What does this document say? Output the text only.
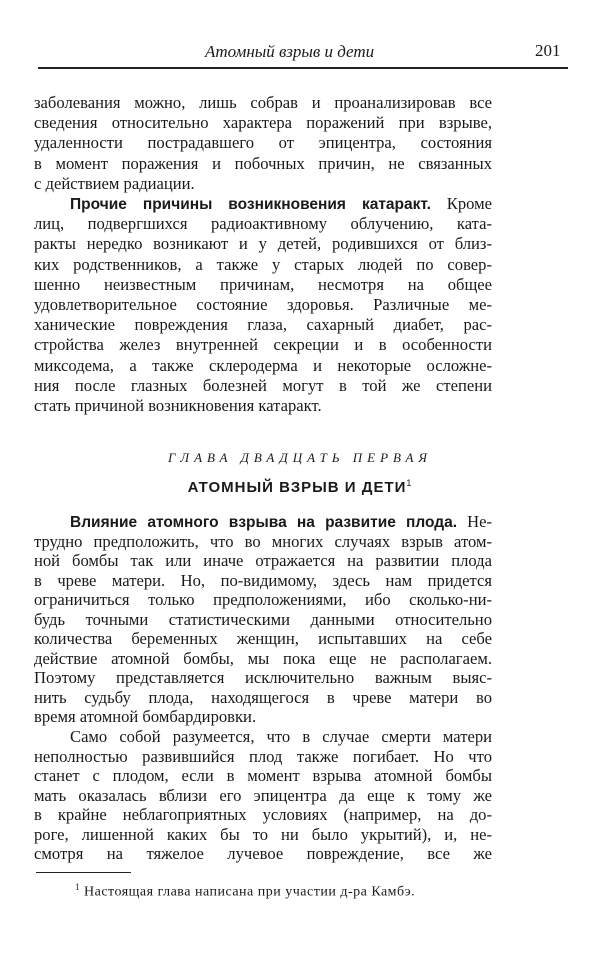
Атомный взрыв и дети	201
заболевания можно, лишь собрав и проанализировав все
сведения относительно характера поражений при взрыве,
удаленности пострадавшего от эпицентра, состояния
в момент поражения и побочных причин, не связанных
с действием радиации.
Прочие причины возникновения катаракт. Кроме
лиц, подвергшихся радиоактивному облучению, ката-
ракты нередко возникают и у детей, родившихся от близ-
ких родственников, а также у старых людей по совер-
шенно неизвестным причинам, несмотря на общее
удовлетворительное состояние здоровья. Различные ме-
ханические повреждения глаза, сахарный диабет, рас-
стройства желез внутренней секреции и в особенности
миксодема, а также склеродерма и некоторые осложне-
ния после глазных болезней могут в той же степени
стать причиной возникновения катаракт.
ГЛАВА ДВАДЦАТЬ ПЕРВАЯ
АТОМНЫЙ ВЗРЫВ И ДЕТИ$^1$
Влияние атомного взрыва на развитие плода. Не-
трудно предположить, что во многих случаях взрыв атом-
ной бомбы так или иначе отражается на развитии плода
в чреве матери. Но, по-видимому, здесь нам придется
ограничиться только предположениями, ибо сколько-ни-
будь точными статистическими данными относительно
количества беременных женщин, испытавших на себе
действие атомной бомбы, мы пока еще не располагаем.
Поэтому представляется исключительно важным выяс-
нить судьбу плода, находящегося в чреве матери во
время атомной бомбардировки.
Само собой разумеется, что в случае смерти матери
неполностью развившийся плод также погибает. Но что
станет с плодом, если в момент взрыва атомной бомбы
мать оказалась вблизи его эпицентра да еще к тому же
в крайне неблагоприятных условиях (например, на до-
роге, лишенной каких бы то ни было укрытий), и, не-
смотря на тяжелое лучевое повреждение, все же
$^1$ Настоящая глава написана при участии д-ра Камбэ.
